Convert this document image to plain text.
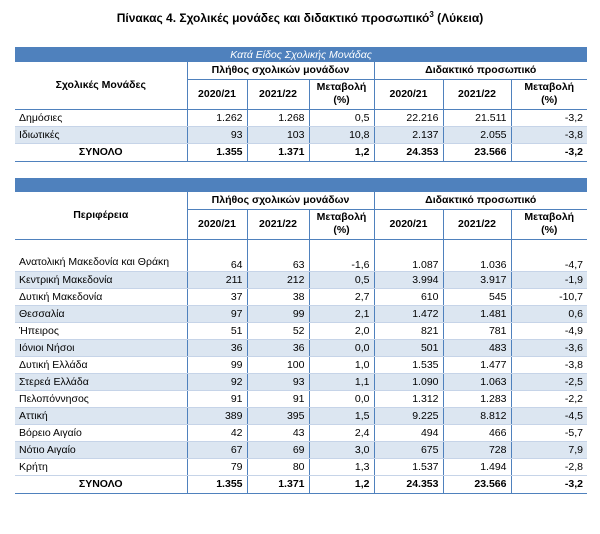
Πίνακας 4. Σχολικές μονάδες και διδακτικό προσωπικό$^3$ (Λύκεια)
Κατά Είδος Σχολικής Μονάδας						
Σχολικές Μονάδες	Πλήθος σχολικών μονάδων			Διδακτικό προσωπικό		
	2020/21	2021/22	Μεταβολή (%)	2020/21	2021/22	Μεταβολή (%)
Δημόσιες	1.262	1.268	0,5	22.216	21.511	-3,2
Ιδιωτικές	93	103	10,8	2.137	2.055	-3,8
ΣΥΝΟΛΟ	1.355	1.371	1,2	24.353	23.566	-3,2

Περιφέρεια	Πλήθος σχολικών μονάδων			Διδακτικό προσωπικό		
	2020/21	2021/22	Μεταβολή (%)	2020/21	2021/22	Μεταβολή (%)
Ανατολική Μακεδονία και Θράκη	64	63	-1,6	1.087	1.036	-4,7
Κεντρική Μακεδονία	211	212	0,5	3.994	3.917	-1,9
Δυτική Μακεδονία	37	38	2,7	610	545	-10,7
Θεσσαλία	97	99	2,1	1.472	1.481	0,6
Ήπειρος	51	52	2,0	821	781	-4,9
Ιόνιοι Νήσοι	36	36	0,0	501	483	-3,6
Δυτική Ελλάδα	99	100	1,0	1.535	1.477	-3,8
Στερεά Ελλάδα	92	93	1,1	1.090	1.063	-2,5
Πελοπόννησος	91	91	0,0	1.312	1.283	-2,2
Αττική	389	395	1,5	9.225	8.812	-4,5
Βόρειο Αιγαίο	42	43	2,4	494	466	-5,7
Νότιο Αιγαίο	67	69	3,0	675	728	7,9
Κρήτη	79	80	1,3	1.537	1.494	-2,8
ΣΥΝΟΛΟ	1.355	1.371	1,2	24.353	23.566	-3,2
